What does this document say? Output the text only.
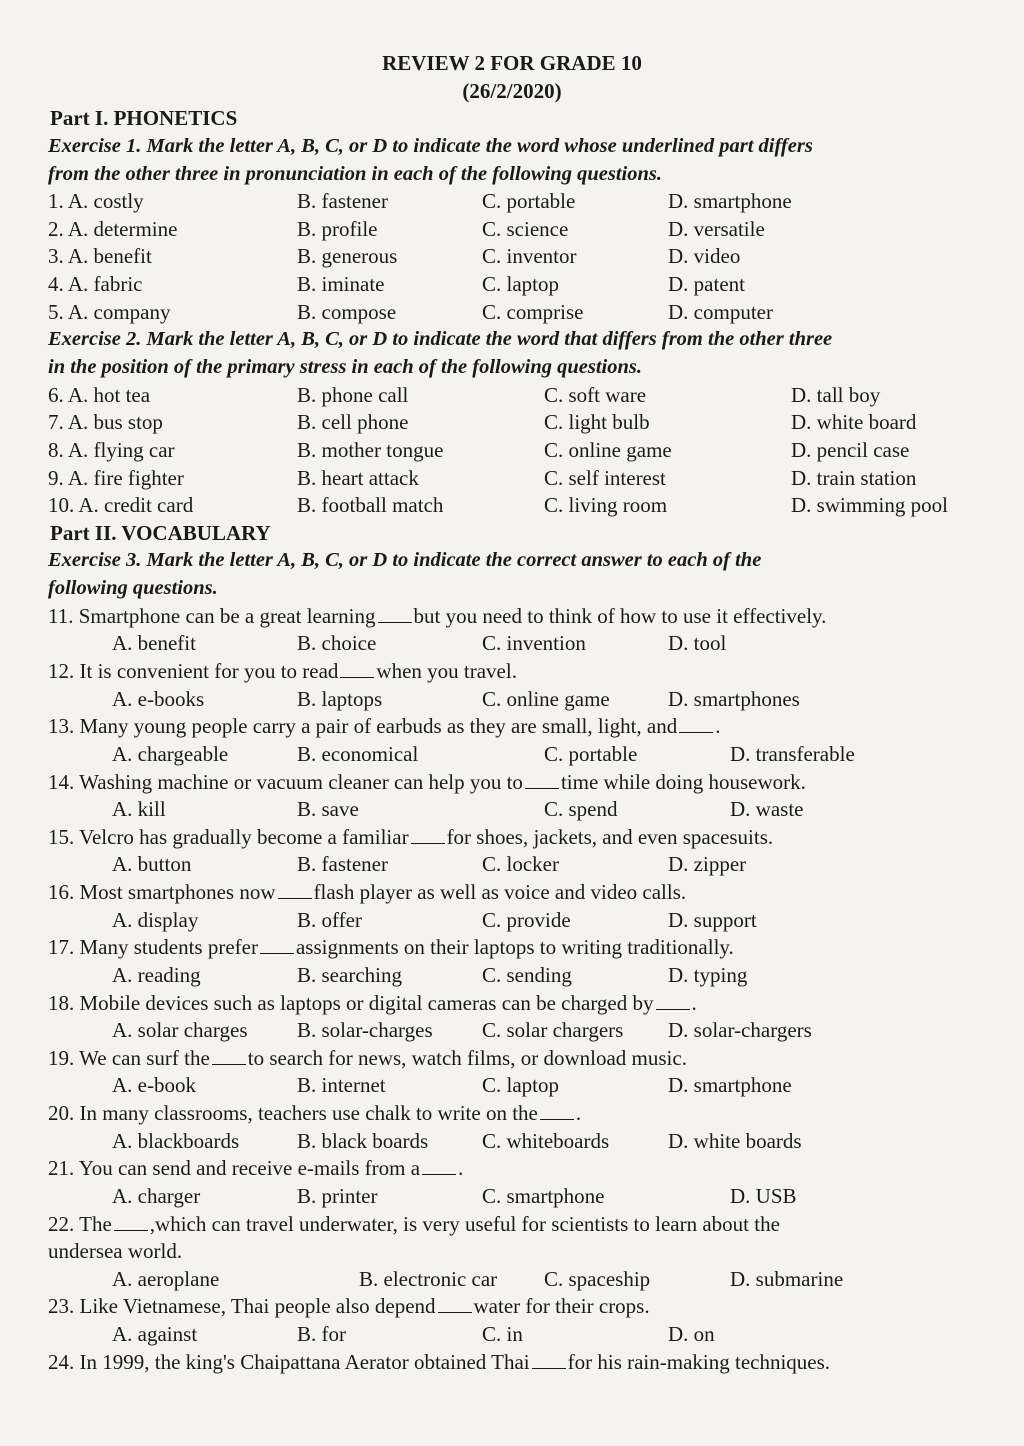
REVIEW 2 FOR GRADE 10
(26/2/2020)
Part I. PHONETICS
Exercise 1. Mark the letter A, B, C, or D to indicate the word whose underlined part differs
from the other three in pronunciation in each of the following questions.
1. A. costly	B. fastener	C. portable	D. smartphone
2. A. determine	B. profile	C. science	D. versatile
3. A. benefit	B. generous	C. inventor	D. video
4. A. fabric	B. iminate	C. laptop	D. patent
5. A. company	B. compose	C. comprise	D. computer
Exercise 2. Mark the letter A, B, C, or D to indicate the word that differs from the other three
in the position of the primary stress in each of the following questions.
6. A. hot tea	B. phone call	C. soft ware	D. tall boy
7. A. bus stop	B. cell phone	C. light bulb	D. white board
8. A. flying car	B. mother tongue	C. online game	D. pencil case
9. A. fire fighter	B. heart attack	C. self interest	D. train station
10. A. credit card	B. football match	C. living room	D. swimming pool
Part II. VOCABULARY
Exercise 3. Mark the letter A, B, C, or D to indicate the correct answer to each of the
following questions.
11. Smartphone can be a great learning but you need to think of how to use it effectively.
A. benefit	B. choice	C. invention	D. tool
12. It is convenient for you to read when you travel.
A. e-books	B. laptops	C. online game	D. smartphones
13. Many young people carry a pair of earbuds as they are small, light, and .
A. chargeable	B. economical	C. portable	D. transferable
14. Washing machine or vacuum cleaner can help you to time while doing housework.
A. kill	B. save	C. spend	D. waste
15. Velcro has gradually become a familiar for shoes, jackets, and even spacesuits.
A. button	B. fastener	C. locker	D. zipper
16. Most smartphones now flash player as well as voice and video calls.
A. display	B. offer	C. provide	D. support
17. Many students prefer assignments on their laptops to writing traditionally.
A. reading	B. searching	C. sending	D. typing
18. Mobile devices such as laptops or digital cameras can be charged by .
A. solar charges B. solar-charges C. solar chargers D. solar-chargers
19. We can surf the to search for news, watch films, or download music.
A. e-book	B. internet	C. laptop	D. smartphone
20. In many classrooms, teachers use chalk to write on the .
A. blackboards	B. black boards	C. whiteboards	D. white boards
21. You can send and receive e-mails from a .
A. charger	B. printer	C. smartphone	D. USB
22. The ,which can travel underwater, is very useful for scientists to learn about the
undersea world.
A. aeroplane	B. electronic car C. spaceship	D. submarine
23. Like Vietnamese, Thai people also depend water for their crops.
A. against	B. for	C. in	D. on
24. In 1999, the king's Chaipattana Aerator obtained Thai for his rain-making techniques.
